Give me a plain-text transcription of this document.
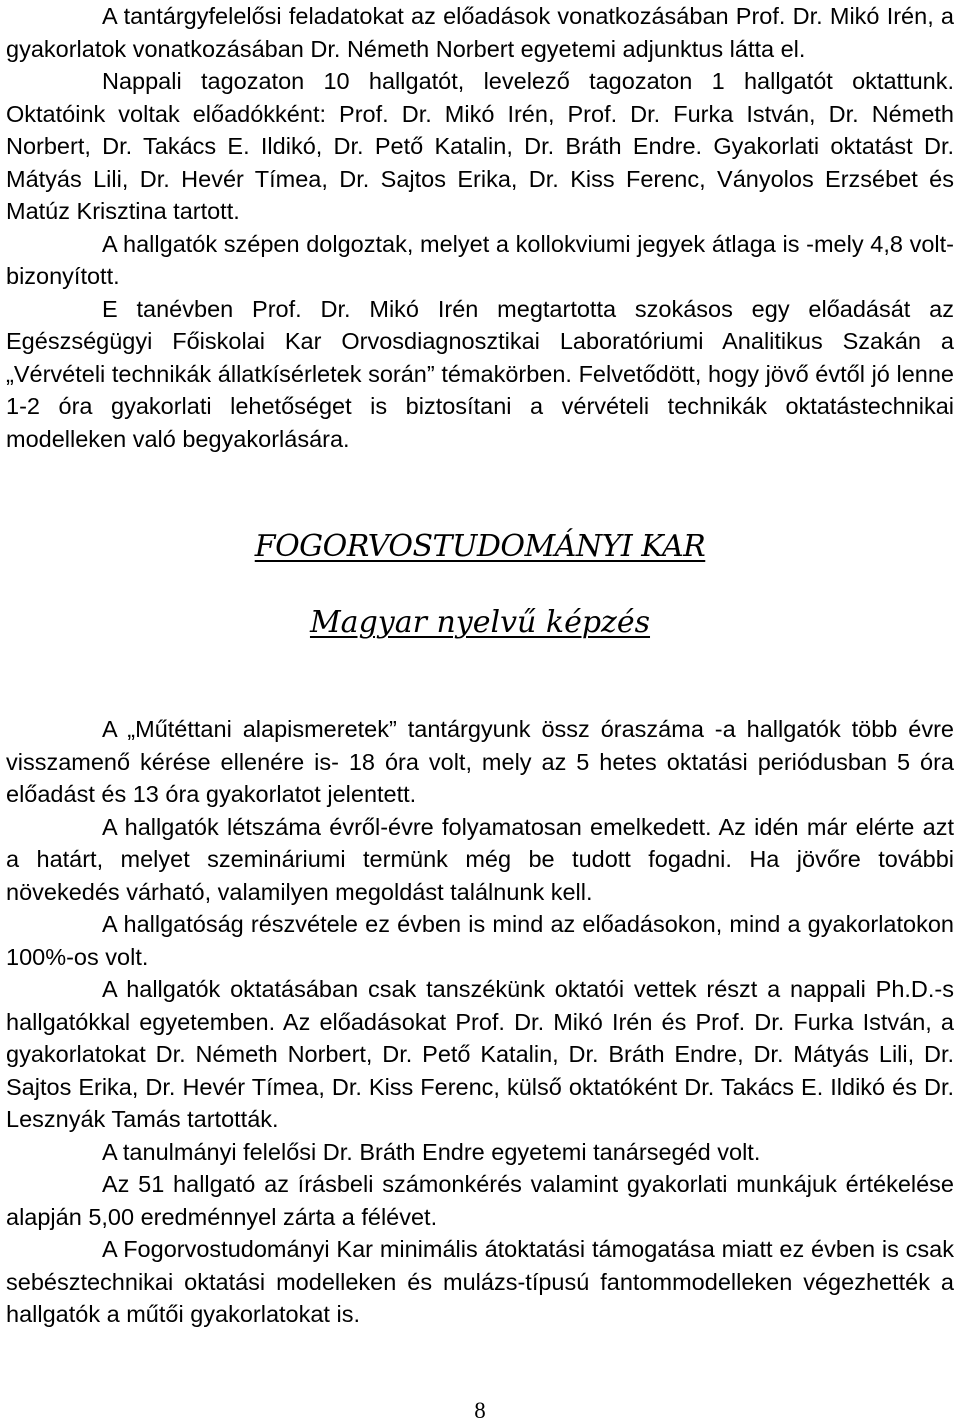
A tantárgyfelelősi feladatokat az előadások vonatkozásában Prof. Dr. Mikó Irén, a gyakorlatok vonatkozásában Dr. Németh Norbert egyetemi adjunktus látta el.

Nappali tagozaton 10 hallgatót, levelező tagozaton 1 hallgatót oktattunk. Oktatóink voltak előadókként: Prof. Dr. Mikó Irén, Prof. Dr. Furka István, Dr. Németh Norbert, Dr. Takács E. Ildikó, Dr. Pető Katalin, Dr. Bráth Endre. Gyakorlati oktatást Dr. Mátyás Lili, Dr. Hevér Tímea, Dr. Sajtos Erika, Dr. Kiss Ferenc, Ványolos Erzsébet és Matúz Krisztina tartott.

A hallgatók szépen dolgoztak, melyet a kollokviumi jegyek átlaga is -mely 4,8 volt- bizonyított.

E tanévben Prof. Dr. Mikó Irén megtartotta szokásos egy előadását az Egészségügyi Főiskolai Kar Orvosdiagnosztikai Laboratóriumi Analitikus Szakán a „Vérvételi technikák állatkísérletek során” témakörben. Felvetődött, hogy jövő évtől jó lenne 1-2 óra gyakorlati lehetőséget is biztosítani a vérvételi technikák oktatástechnikai modelleken való begyakorlására.

FOGORVOSTUDOMÁNYI KAR
Magyar nyelvű képzés

A „Műtéttani alapismeretek” tantárgyunk össz óraszáma -a hallgatók több évre visszamenő kérése ellenére is- 18 óra volt, mely az 5 hetes oktatási periódusban 5 óra előadást és 13 óra gyakorlatot jelentett.

A hallgatók létszáma évről-évre folyamatosan emelkedett. Az idén már elérte azt a határt, melyet szemináriumi termünk még be tudott fogadni. Ha jövőre további növekedés várható, valamilyen megoldást találnunk kell.

A hallgatóság részvétele ez évben is mind az előadásokon, mind a gyakorlatokon 100%-os volt.

A hallgatók oktatásában csak tanszékünk oktatói vettek részt a nappali Ph.D.-s hallgatókkal egyetemben. Az előadásokat Prof. Dr. Mikó Irén és Prof. Dr. Furka István, a gyakorlatokat Dr. Németh Norbert, Dr. Pető Katalin, Dr. Bráth Endre, Dr. Mátyás Lili, Dr. Sajtos Erika, Dr. Hevér Tímea, Dr. Kiss Ferenc, külső oktatóként Dr. Takács E. Ildikó és Dr. Lesznyák Tamás tartották.

A tanulmányi felelősi Dr. Bráth Endre egyetemi tanársegéd volt.

Az 51 hallgató az írásbeli számonkérés valamint gyakorlati munkájuk értékelése alapján 5,00 eredménnyel zárta a félévet.

A Fogorvostudományi Kar minimális átoktatási támogatása miatt ez évben is csak sebésztechnikai oktatási modelleken és mulázs-típusú fantommodelleken végezhették a hallgatók a műtői gyakorlatokat is.

8
